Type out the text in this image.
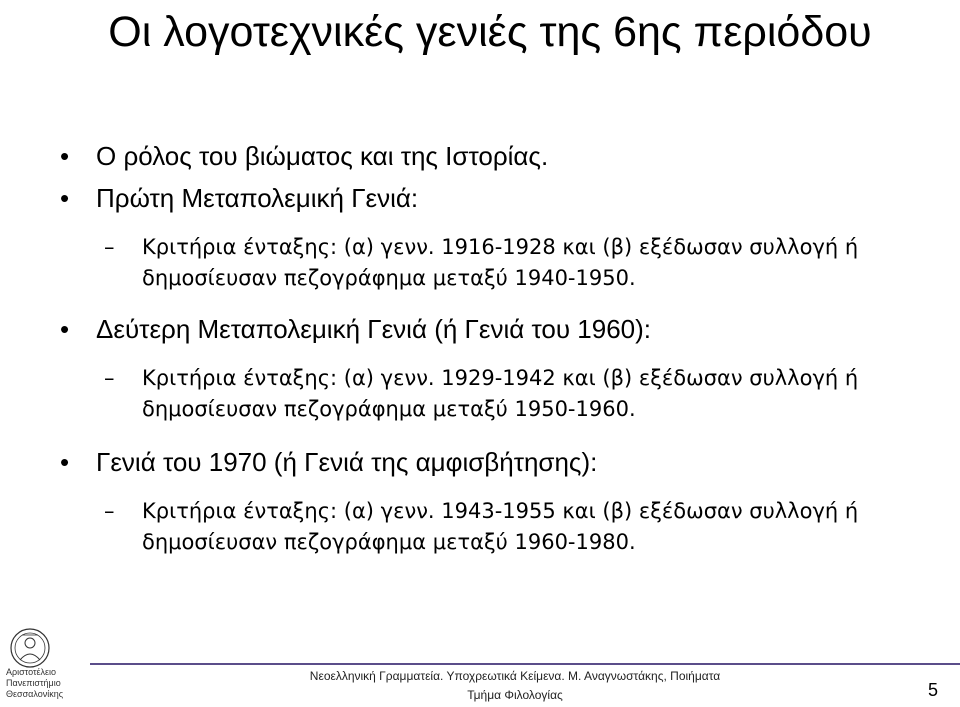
Οι λογοτεχνικές γενιές της 6ης περιόδου
• Ο ρόλος του βιώματος και της Ιστορίας.
• Πρώτη Μεταπολεμική Γενιά:
– Κριτήρια ένταξης: (α) γενν. 1916-1928 και (β) εξέδωσαν συλλογή ή δημοσίευσαν πεζογράφημα μεταξύ 1940-1950.
• Δεύτερη Μεταπολεμική Γενιά (ή Γενιά του 1960):
– Κριτήρια ένταξης: (α) γενν. 1929-1942 και (β) εξέδωσαν συλλογή ή δημοσίευσαν πεζογράφημα μεταξύ 1950-1960.
• Γενιά του 1970 (ή Γενιά της αμφισβήτησης):
– Κριτήρια ένταξης: (α) γενν. 1943-1955 και (β) εξέδωσαν συλλογή ή δημοσίευσαν πεζογράφημα μεταξύ 1960-1980.
Αριστοτέλειο
Πανεπιστήμιο
Θεσσαλονίκης
Νεοελληνική Γραμματεία. Υποχρεωτικά Κείμενα. Μ. Αναγνωστάκης, Ποιήματα
Τμήμα Φιλολογίας	5
